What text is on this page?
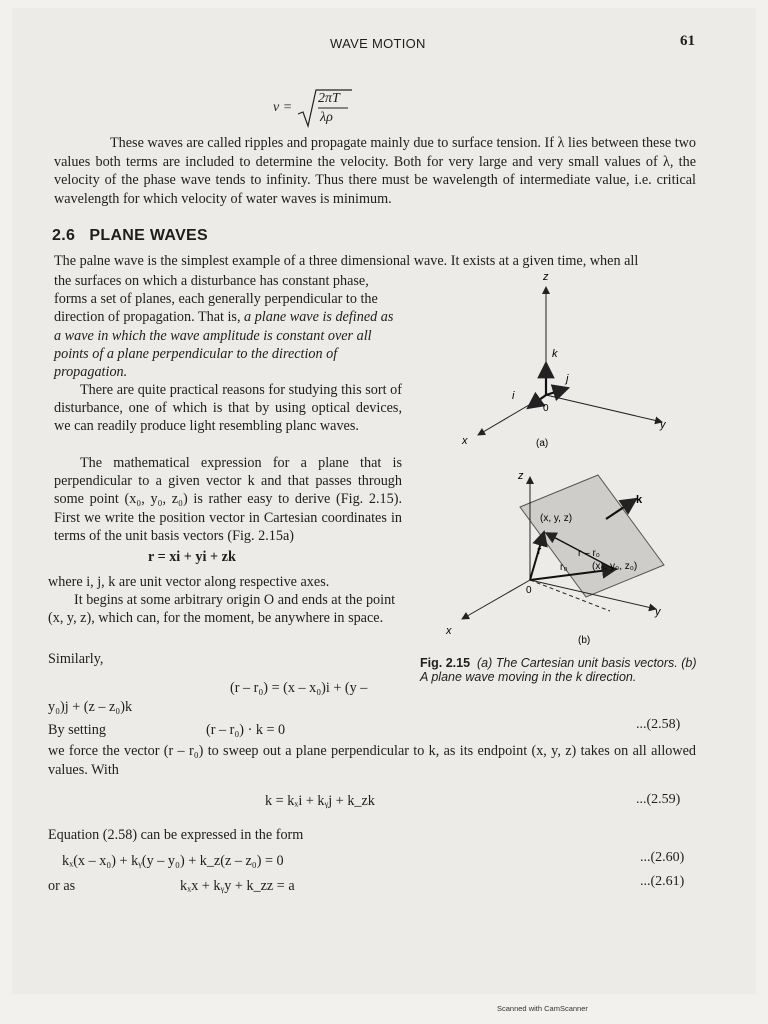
WAVE MOTION	61
v =
2πT
λρ
These waves are called ripples and propagate mainly due to surface tension. If λ lies between these two values both terms are included to determine the velocity. Both for very large and very small values of λ, the velocity of the phase wave tends to infinity. Thus there must be wavelength of intermediate value, i.e. critical wavelength for which velocity of water waves is minimum.
2.6 PLANE WAVES
The palne wave is the simplest example of a three dimensional wave. It exists at a given time, when all
the surfaces on which a disturbance has constant phase, forms a set of planes, each generally perpendicular to the direction of propagation. That is, a plane wave is defined as a wave in which the wave amplitude is constant over all points of a plane perpendicular to the direction of propagation.
There are quite practical reasons for studying this sort of disturbance, one of which is that by using optical devices, we can readily produce light resembling planc waves.
The mathematical expression for a plane that is perpendicular to a given vector k and that passes through some point (x₀, y₀, z₀) is rather easy to derive (Fig. 2.15). First we write the position vector in Cartesian coordinates in terms of the unit basis vectors (Fig. 2.15a)
r = xi + yi + zk
where i, j, k are unit vector along respective axes.
It begins at some arbitrary origin O and ends at the point (x, y, z), which can, for the moment, be anywhere in space.
Similarly,
(r – r₀) = (x – x₀)i + (y –
y₀)j + (z – z₀)k
By setting	(r – r₀) · k = 0	...(2.58)
we force the vector (r – r₀) to sweep out a plane perpendicular to k, as its endpoint (x, y, z) takes on all allowed values. With
k = kₓi + kᵧj + k_zk	...(2.59)
Equation (2.58) can be expressed in the form
kₓ(x – x₀) + kᵧ(y – y₀) + k_z(z – z₀) = 0	...(2.60)
or as	kₓx + kᵧy + k_zz = a	...(2.61)
z
k
j
i
0
y
x	(a)
z
k
(x, y, z)
r	r – r₀
r₀ (x₀, y₀, z₀)
0
y
x
(b)
Fig. 2.15 (a) The Cartesian unit basis vectors. (b) A plane wave moving in the k direction.
Scanned with CamScanner
